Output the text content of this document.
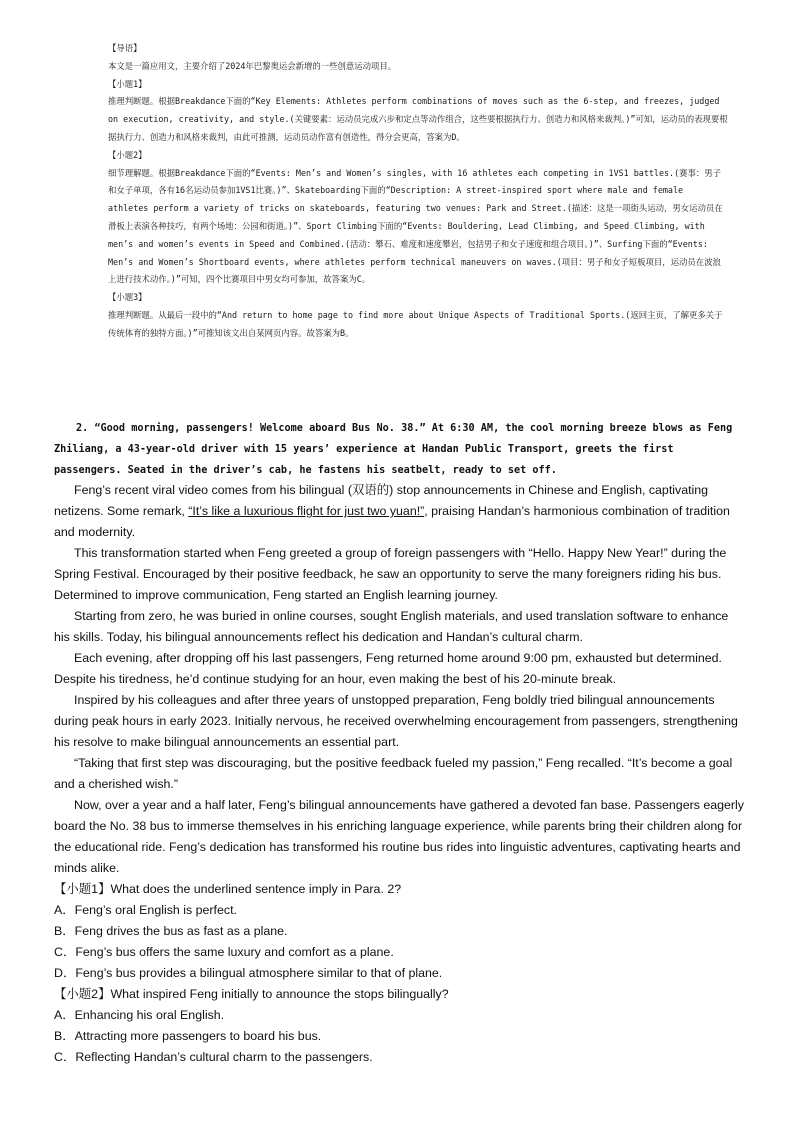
【导语】

本文是一篇应用文，主要介绍了2024年巴黎奥运会新增的一些创意运动项目。

【小题1】

推理判断题。根据Breakdance下面的“Key Elements: Athletes perform combinations of moves such as the 6-step, and freezes, judged on execution, creativity, and style.(关键要素：运动员完成六步和定点等动作组合，这些要根据执行力、创造力和风格来裁判。)”可知，运动员的表现要根据执行力、创造力和风格来裁判，由此可推测，运动员动作富有创造性，得分会更高，答案为D。

【小题2】

细节理解题。根据Breakdance下面的“Events: Men’s and Women’s singles, with 16 athletes each competing in 1VS1 battles.(赛事：男子和女子单项，各有16名运动员参加1VS1比赛。)”、Skateboarding下面的“Description: A street-inspired sport where male and female athletes perform a variety of tricks on skateboards, featuring two venues: Park and Street.(描述：这是一项街头运动，男女运动员在滑板上表演各种技巧，有两个场地：公园和街道。)”、Sport Climbing下面的“Events: Bouldering, Lead Climbing, and Speed Climbing, with men’s and women’s events in Speed and Combined.(活动：攀石、难度和速度攀岩，包括男子和女子速度和组合项目。)”、Surfing下面的“Events: Men’s and Women’s Shortboard events, where athletes perform technical maneuvers on waves.(项目：男子和女子短板项目，运动员在波浪上进行技术动作。)”可知，四个比赛项目中男女均可参加，故答案为C。

【小题3】

推理判断题。从最后一段中的“And return to home page to find more about Unique Aspects of Traditional Sports.(返回主页，了解更多关于传统体育的独特方面。)”可推知该文出自某网页内容。故答案为B。

2. “Good morning, passengers! Welcome aboard Bus No. 38.” At 6:30 AM, the cool morning breeze blows as Feng Zhiliang, a 43-year-old driver with 15 years’ experience at Handan Public Transport, greets the first passengers. Seated in the driver’s cab, he fastens his seatbelt, ready to set off.

Feng’s recent viral video comes from his bilingual (双语的) stop announcements in Chinese and English, captivating netizens. Some remark, “It’s like a luxurious flight for just two yuan!”, praising Handan’s harmonious combination of tradition and modernity.

This transformation started when Feng greeted a group of foreign passengers with “Hello. Happy New Year!” during the Spring Festival. Encouraged by their positive feedback, he saw an opportunity to serve the many foreigners riding his bus. Determined to improve communication, Feng started an English learning journey.

Starting from zero, he was buried in online courses, sought English materials, and used translation software to enhance his skills. Today, his bilingual announcements reflect his dedication and Handan’s cultural charm.

Each evening, after dropping off his last passengers, Feng returned home around 9:00 pm, exhausted but determined. Despite his tiredness, he’d continue studying for an hour, even making the best of his 20-minute break.

Inspired by his colleagues and after three years of unstopped preparation, Feng boldly tried bilingual announcements during peak hours in early 2023. Initially nervous, he received overwhelming encouragement from passengers, strengthening his resolve to make bilingual announcements an essential part.

“Taking that first step was discouraging, but the positive feedback fueled my passion,” Feng recalled. “It’s become a goal and a cherished wish.”

Now, over a year and a half later, Feng’s bilingual announcements have gathered a devoted fan base. Passengers eagerly board the No. 38 bus to immerse themselves in his enriching language experience, while parents bring their children along for the educational ride. Feng’s dedication has transformed his routine bus rides into linguistic adventures, captivating hearts and minds alike.

【小题1】What does the underlined sentence imply in Para. 2?

A．Feng’s oral English is perfect.

B．Feng drives the bus as fast as a plane.

C．Feng’s bus offers the same luxury and comfort as a plane.

D．Feng’s bus provides a bilingual atmosphere similar to that of plane.

【小题2】What inspired Feng initially to announce the stops bilingually?

A．Enhancing his oral English.

B．Attracting more passengers to board his bus.

C．Reflecting Handan’s cultural charm to the passengers.
